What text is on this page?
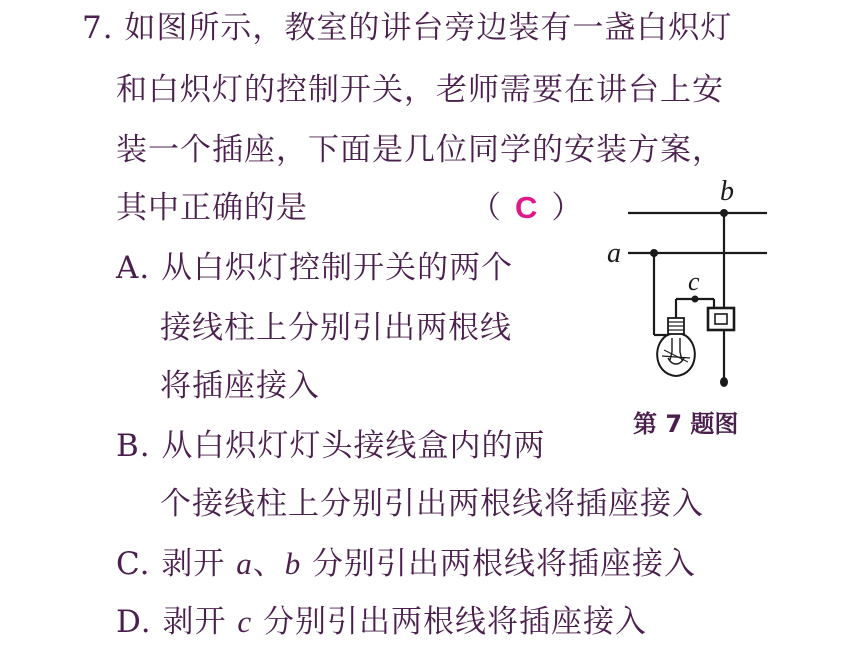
7. 如图所示，教室的讲台旁边装有一盏白炽灯
和白炽灯的控制开关，老师需要在讲台上安
装一个插座，下面是几位同学的安装方案，
其中正确的是	（ C ）
A. 从白炽灯控制开关的两个
接线柱上分别引出两根线
将插座接入
B. 从白炽灯灯头接线盒内的两
个接线柱上分别引出两根线将插座接入
C. 剥开 a、b 分别引出两根线将插座接入
D. 剥开 c 分别引出两根线将插座接入
a
b
c
第 7 题图
